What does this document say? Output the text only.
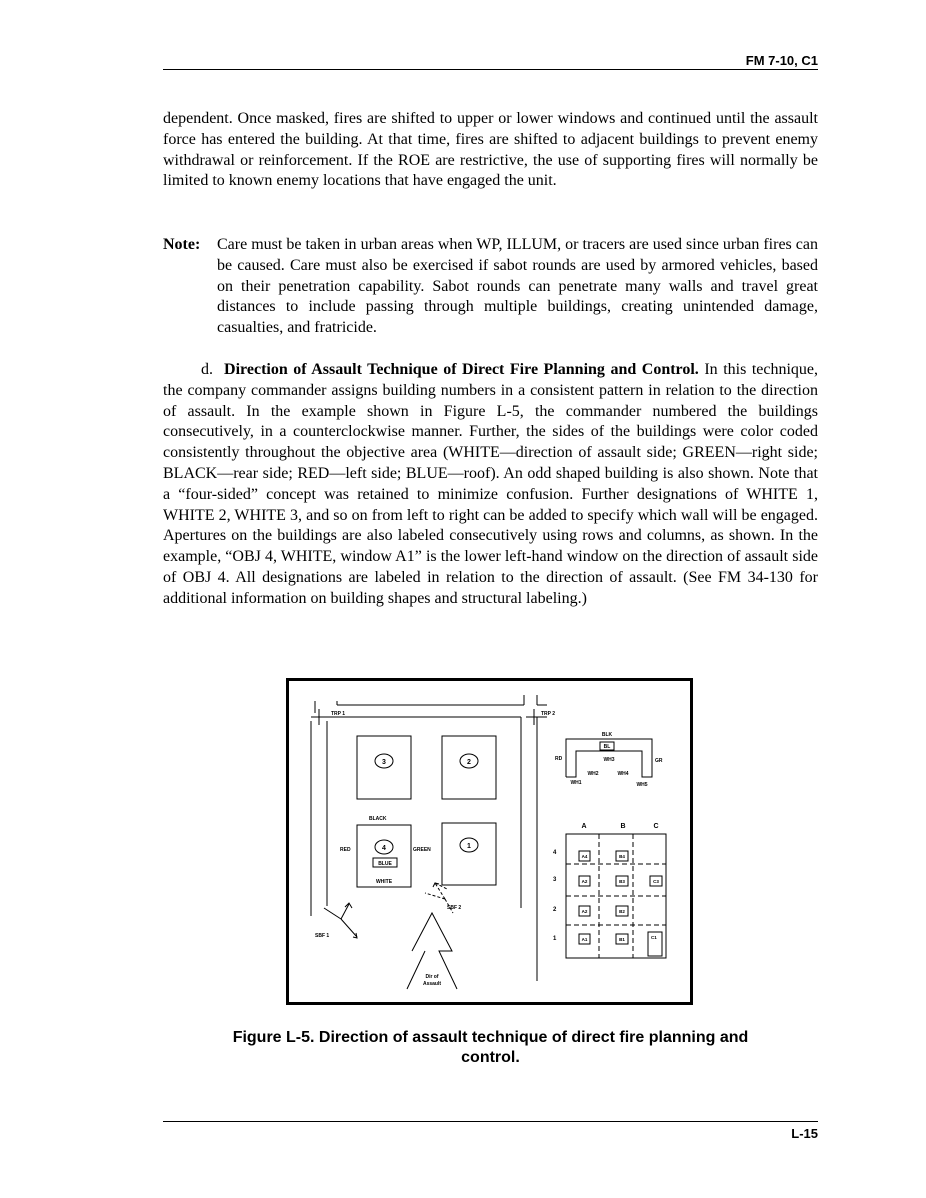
FM 7-10, C1

dependent. Once masked, fires are shifted to upper or lower windows and continued until the assault force has entered the building. At that time, fires are shifted to adjacent buildings to prevent enemy withdrawal or reinforcement. If the ROE are restrictive, the use of supporting fires will normally be limited to known enemy locations that have engaged the unit.

Note: Care must be taken in urban areas when WP, ILLUM, or tracers are used since urban fires can be caused. Care must also be exercised if sabot rounds are used by armored vehicles, based on their penetration capability. Sabot rounds can penetrate many walls and travel great distances to include passing through multiple buildings, creating unintended damage, casualties, and fratricide.

d. Direction of Assault Technique of Direct Fire Planning and Control. In this technique, the company commander assigns building numbers in a consistent pattern in relation to the direction of assault. In the example shown in Figure L-5, the commander numbered the buildings consecutively, in a counterclockwise manner. Further, the sides of the buildings were color coded consistently throughout the objective area (WHITE—direction of assault side; GREEN—right side; BLACK—rear side; RED—left side; BLUE—roof). An odd shaped building is also shown. Note that a “four-sided” concept was retained to minimize confusion. Further designations of WHITE 1, WHITE 2, WHITE 3, and so on from left to right can be added to specify which wall will be engaged. Apertures on the buildings are also labeled consecutively using rows and columns, as shown. In the example, “OBJ 4, WHITE, window A1” is the lower left-hand window on the direction of assault side of OBJ 4. All designations are labeled in relation to the direction of assault. (See FM 34-130 for additional information on building shapes and structural labeling.)

TRP 1	TRP 2
3	2
4	1
BLACK
RED	GREEN
BLUE
WHITE
SBF 1
SBF 2
Dir of
Assault
BLK
BL
RD	GR
WH3
WH2	WH4
WH1	WH5
A	B	C
4
3
2
1
A4	B4
A2	B3	C3
A2	B2
A1	B1	C1
Figure L-5. Direction of assault technique of direct fire planning and
control.
L-15
